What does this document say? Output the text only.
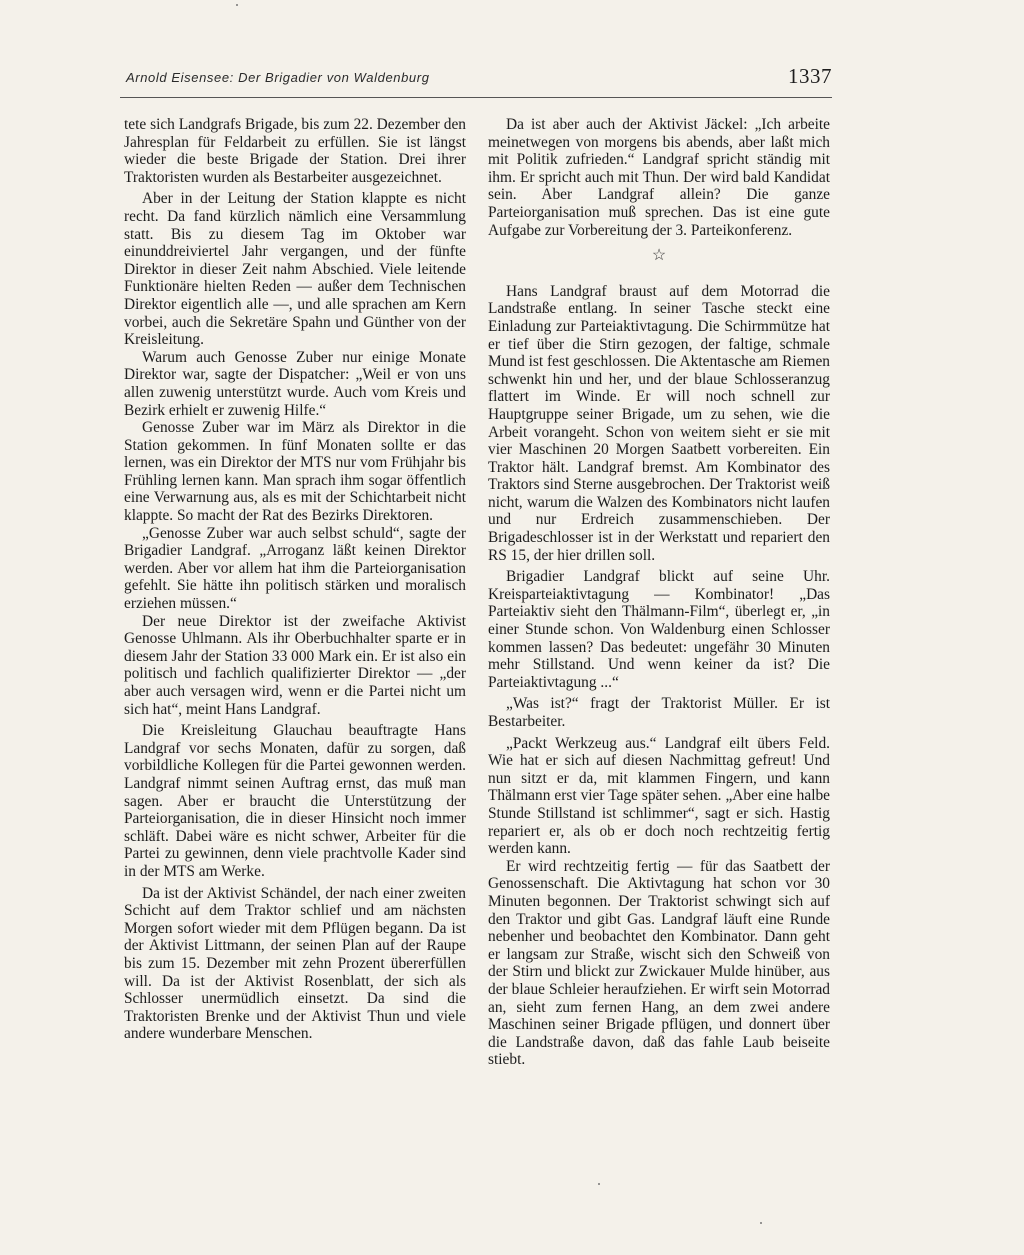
Arnold Eisensee: Der Brigadier von Waldenburg	1337

tete sich Landgrafs Brigade, bis zum 22. Dezember den Jahresplan für Feldarbeit zu erfüllen. Sie ist längst wieder die beste Brigade der Station. Drei ihrer Traktoristen wurden als Bestarbeiter ausgezeichnet.

Aber in der Leitung der Station klappte es nicht recht. Da fand kürzlich nämlich eine Versammlung statt. Bis zu diesem Tag im Oktober war einunddreiviertel Jahr vergangen, und der fünfte Direktor in dieser Zeit nahm Abschied. Viele leitende Funktionäre hielten Reden — außer dem Technischen Direktor eigentlich alle —, und alle sprachen am Kern vorbei, auch die Sekretäre Spahn und Günther von der Kreisleitung.

Warum auch Genosse Zuber nur einige Monate Direktor war, sagte der Dispatcher: „Weil er von uns allen zuwenig unterstützt wurde. Auch vom Kreis und Bezirk erhielt er zuwenig Hilfe.“

Genosse Zuber war im März als Direktor in die Station gekommen. In fünf Monaten sollte er das lernen, was ein Direktor der MTS nur vom Frühjahr bis Frühling lernen kann. Man sprach ihm sogar öffentlich eine Verwarnung aus, als es mit der Schichtarbeit nicht klappte. So macht der Rat des Bezirks Direktoren.

„Genosse Zuber war auch selbst schuld“, sagte der Brigadier Landgraf. „Arroganz läßt keinen Direktor werden. Aber vor allem hat ihm die Parteiorganisation gefehlt. Sie hätte ihn politisch stärken und moralisch erziehen müssen.“

Der neue Direktor ist der zweifache Aktivist Genosse Uhlmann. Als ihr Oberbuchhalter sparte er in diesem Jahr der Station 33 000 Mark ein. Er ist also ein politisch und fachlich qualifizierter Direktor — „der aber auch versagen wird, wenn er die Partei nicht um sich hat“, meint Hans Landgraf.

Die Kreisleitung Glauchau beauftragte Hans Landgraf vor sechs Monaten, dafür zu sorgen, daß vorbildliche Kollegen für die Partei gewonnen werden. Landgraf nimmt seinen Auftrag ernst, das muß man sagen. Aber er braucht die Unterstützung der Parteiorganisation, die in dieser Hinsicht noch immer schläft. Dabei wäre es nicht schwer, Arbeiter für die Partei zu gewinnen, denn viele prachtvolle Kader sind in der MTS am Werke.

Da ist der Aktivist Schändel, der nach einer zweiten Schicht auf dem Traktor schlief und am nächsten Morgen sofort wieder mit dem Pflügen begann. Da ist der Aktivist Littmann, der seinen Plan auf der Raupe bis zum 15. Dezember mit zehn Prozent übererfüllen will. Da ist der Aktivist Rosenblatt, der sich als Schlosser unermüdlich einsetzt. Da sind die Traktoristen Brenke und der Aktivist Thun und viele andere wunderbare Menschen.

Da ist aber auch der Aktivist Jäckel: „Ich arbeite meinetwegen von morgens bis abends, aber laßt mich mit Politik zufrieden.“ Landgraf spricht ständig mit ihm. Er spricht auch mit Thun. Der wird bald Kandidat sein. Aber Landgraf allein? Die ganze Parteiorganisation muß sprechen. Das ist eine gute Aufgabe zur Vorbereitung der 3. Parteikonferenz.

☆

Hans Landgraf braust auf dem Motorrad die Landstraße entlang. In seiner Tasche steckt eine Einladung zur Parteiaktivtagung. Die Schirmmütze hat er tief über die Stirn gezogen, der faltige, schmale Mund ist fest geschlossen. Die Aktentasche am Riemen schwenkt hin und her, und der blaue Schlosseranzug flattert im Winde. Er will noch schnell zur Hauptgruppe seiner Brigade, um zu sehen, wie die Arbeit vorangeht. Schon von weitem sieht er sie mit vier Maschinen 20 Morgen Saatbett vorbereiten. Ein Traktor hält. Landgraf bremst. Am Kombinator des Traktors sind Sterne ausgebrochen. Der Traktorist weiß nicht, warum die Walzen des Kombinators nicht laufen und nur Erdreich zusammenschieben. Der Brigadeschlosser ist in der Werkstatt und repariert den RS 15, der hier drillen soll.

Brigadier Landgraf blickt auf seine Uhr. Kreisparteiaktivtagung — Kombinator! „Das Parteiaktiv sieht den Thälmann-Film“, überlegt er, „in einer Stunde schon. Von Waldenburg einen Schlosser kommen lassen? Das bedeutet: ungefähr 30 Minuten mehr Stillstand. Und wenn keiner da ist? Die Parteiaktivtagung ...“

„Was ist?“ fragt der Traktorist Müller. Er ist Bestarbeiter.

„Packt Werkzeug aus.“ Landgraf eilt übers Feld. Wie hat er sich auf diesen Nachmittag gefreut! Und nun sitzt er da, mit klammen Fingern, und kann Thälmann erst vier Tage später sehen. „Aber eine halbe Stunde Stillstand ist schlimmer“, sagt er sich. Hastig repariert er, als ob er doch noch rechtzeitig fertig werden kann.

Er wird rechtzeitig fertig — für das Saatbett der Genossenschaft. Die Aktivtagung hat schon vor 30 Minuten begonnen. Der Traktorist schwingt sich auf den Traktor und gibt Gas. Landgraf läuft eine Runde nebenher und beobachtet den Kombinator. Dann geht er langsam zur Straße, wischt sich den Schweiß von der Stirn und blickt zur Zwickauer Mulde hinüber, aus der blaue Schleier heraufziehen. Er wirft sein Motorrad an, sieht zum fernen Hang, an dem zwei andere Maschinen seiner Brigade pflügen, und donnert über die Landstraße davon, daß das fahle Laub beiseite stiebt.
